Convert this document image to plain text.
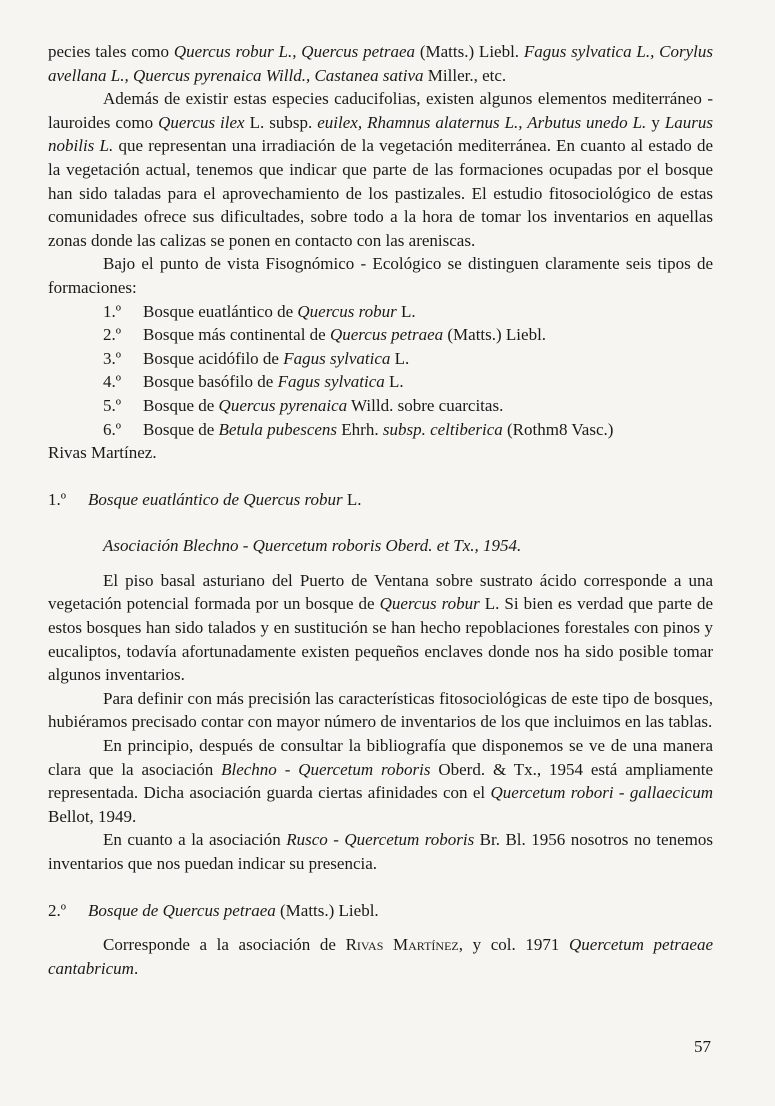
pecies tales como Quercus robur L., Quercus petraea (Matts.) Liebl. Fagus sylvatica L., Corylus avellana L., Quercus pyrenaica Willd., Castanea sativa Miller., etc.

Además de existir estas especies caducifolias, existen algunos elementos mediterráneo - lauroides como Quercus ilex L. subsp. euilex, Rhamnus alaternus L., Arbutus unedo L. y Laurus nobilis L. que representan una irradiación de la vegetación mediterránea. En cuanto al estado de la vegetación actual, tenemos que indicar que parte de las formaciones ocupadas por el bosque han sido taladas para el aprovechamiento de los pastizales. El estudio fitosociológico de estas comunidades ofrece sus dificultades, sobre todo a la hora de tomar los inventarios en aquellas zonas donde las calizas se ponen en contacto con las areniscas.

Bajo el punto de vista Fisognómico - Ecológico se distinguen claramente seis tipos de formaciones:

1.º	Bosque euatlántico de Quercus robur L.
2.º	Bosque más continental de Quercus petraea (Matts.) Liebl.
3.º	Bosque acidófilo de Fagus sylvatica L.
4.º	Bosque basófilo de Fagus sylvatica L.
5.º	Bosque de Quercus pyrenaica Willd. sobre cuarcitas.
6.º	Bosque de Betula pubescens Ehrh. subsp. celtiberica (Rothm8 Vasc.)

Rivas Martínez.

1.º	Bosque euatlántico de Quercus robur L.

Asociación Blechno - Quercetum roboris Oberd. et Tx., 1954.

El piso basal asturiano del Puerto de Ventana sobre sustrato ácido corresponde a una vegetación potencial formada por un bosque de Quercus robur L. Si bien es verdad que parte de estos bosques han sido talados y en sustitución se han hecho repoblaciones forestales con pinos y eucaliptos, todavía afortunadamente existen pequeños enclaves donde nos ha sido posible tomar algunos inventarios.

Para definir con más precisión las características fitosociológicas de este tipo de bosques, hubiéramos precisado contar con mayor número de inventarios de los que incluimos en las tablas.

En principio, después de consultar la bibliografía que disponemos se ve de una manera clara que la asociación Blechno - Quercetum roboris Oberd. & Tx., 1954 está ampliamente representada. Dicha asociación guarda ciertas afinidades con el Quercetum robori - gallaecicum Bellot, 1949.

En cuanto a la asociación Rusco - Quercetum roboris Br. Bl. 1956 nosotros no tenemos inventarios que nos puedan indicar su presencia.

2.º	Bosque de Quercus petraea (Matts.) Liebl.

Corresponde a la asociación de Rivas Martínez, y col. 1971 Quercetum petraeae cantabricum.

57
